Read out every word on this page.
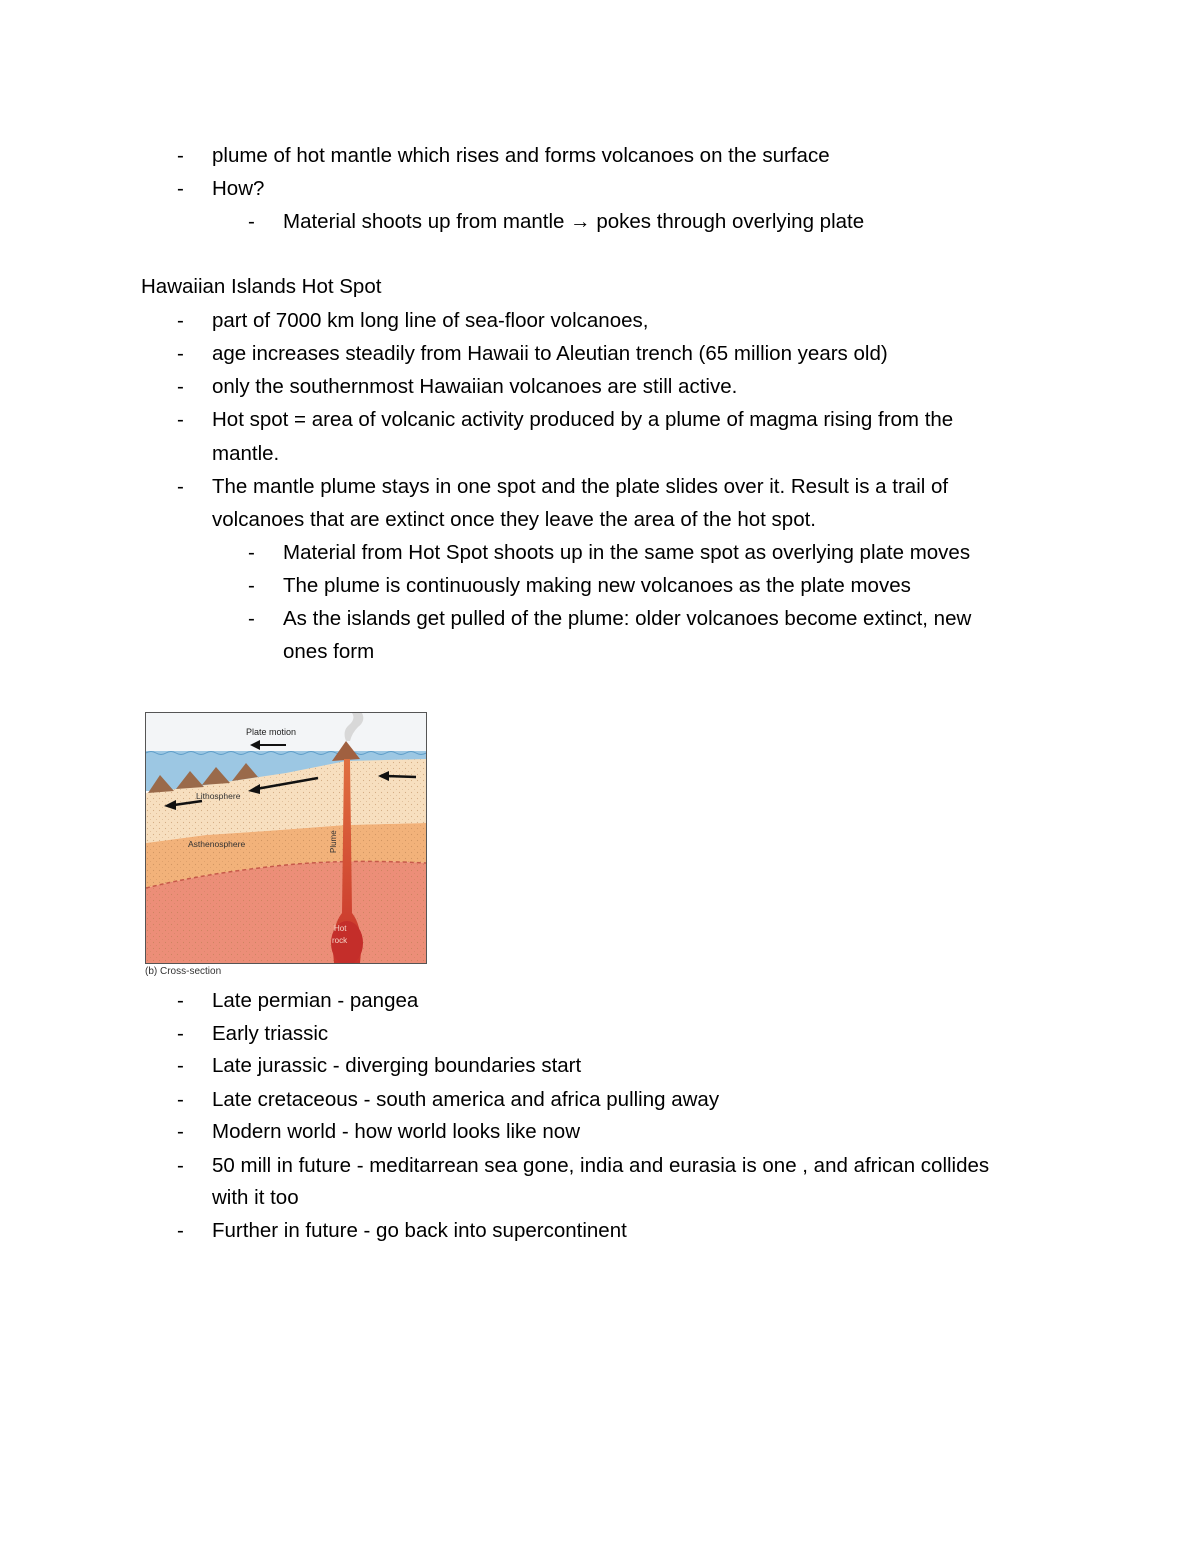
- plume of hot mantle which rises and forms volcanoes on the surface
- How?
- Material shoots up from mantle → pokes through overlying plate
Hawaiian Islands Hot Spot
- part of 7000 km long line of sea-floor volcanoes,
- age increases steadily from Hawaii to Aleutian trench (65 million years old)
- only the southernmost Hawaiian volcanoes are still active.
- Hot spot = area of volcanic activity produced by a plume of magma rising from the
mantle.
- The mantle plume stays in one spot and the plate slides over it. Result is a trail of
volcanoes that are extinct once they leave the area of the hot spot.
- Material from Hot Spot shoots up in the same spot as overlying plate moves
- The plume is continuously making new volcanoes as the plate moves
- As the islands get pulled of the plume: older volcanoes become extinct, new
ones form
Plate motion
Lithosphere
Asthenosphere	Plume
Hot
rock
(b) Cross-section
- Late permian - pangea
- Early triassic
- Late jurassic - diverging boundaries start
- Late cretaceous - south america and africa pulling away
- Modern world - how world looks like now
- 50 mill in future - meditarrean sea gone, india and eurasia is one , and african collides
with it too
- Further in future - go back into supercontinent
